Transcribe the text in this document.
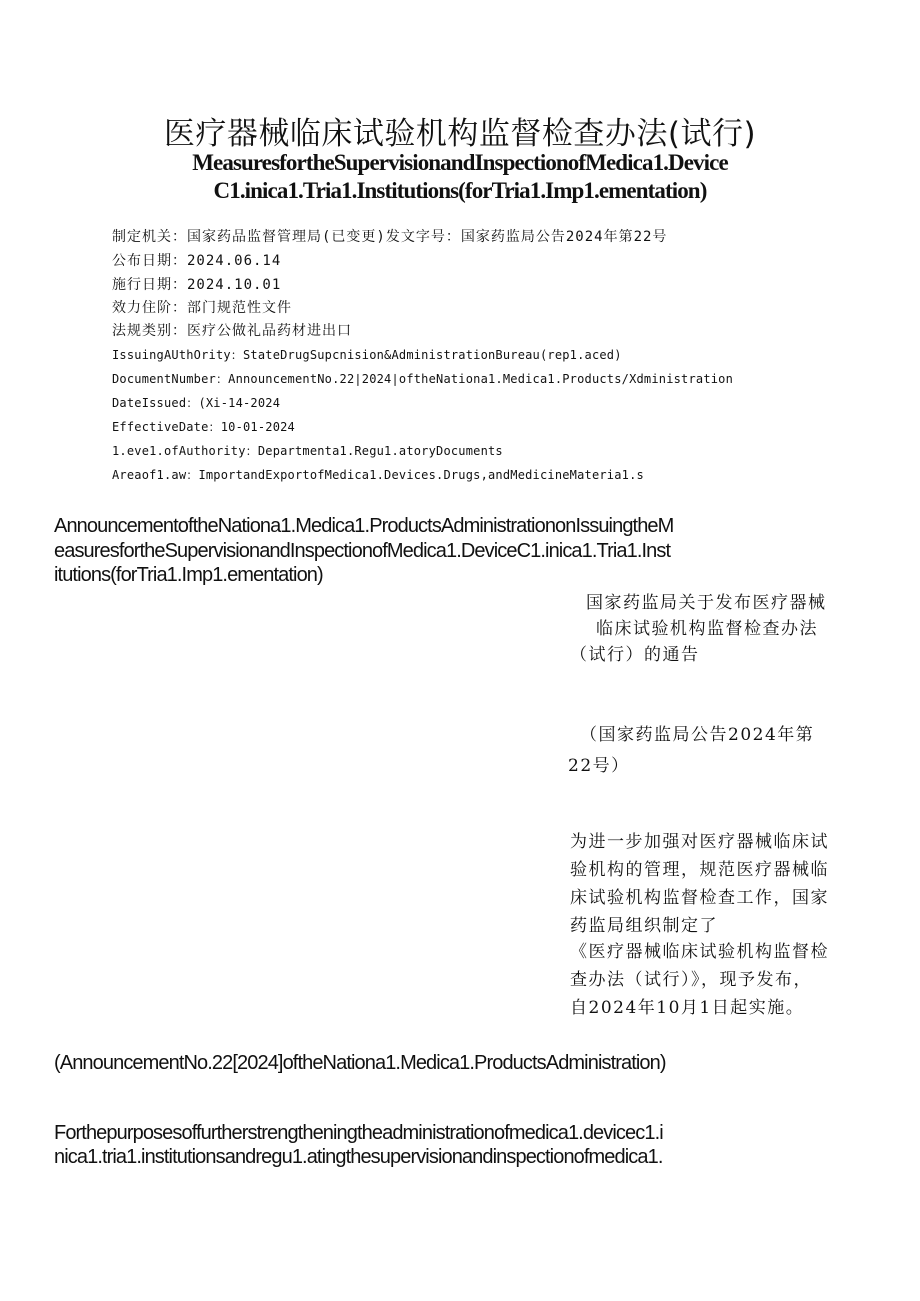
医疗器械临床试验机构监督检查办法(试行)
MeasuresfortheSupervisionandInspectionofMedica1.Device
C1.inica1.Tria1.Institutions(forTria1.Imp1.ementation)
制定机关：国家药品监督管理局(已变更)发文字号：国家药监局公告2024年第22号
公布日期：2024.06.14
施行日期：2024.10.01
效力住阶：部门规范性文件
法规类别：医疗公做礼品药材进出口
IssuingAUthOrity：StateDrugSupcnision&AdministrationBureau(rep1.aced)
DocumentNumber：AnnouncementNo.22∣2024∣oftheNationa1.Medica1.Products/Xdministration
DateIssued：(Xi-14-2024
EffectiveDate：10-01-2024
1.eve1.ofAuthority：Departmenta1.Regu1.atoryDocuments
Areaof1.aw：ImportandExportofMedica1.Devices.Drugs,andMedicineMateria1.s
AnnouncementoftheNationa1.Medica1.ProductsAdministrationonIssuingtheM
easuresfortheSupervisionandInspectionofMedica1.DeviceC1.inica1.Tria1.Inst
itutions(forTria1.Imp1.ementation)
国家药监局关于发布医疗器械
临床试验机构监督检查办法
（试行）的通告
（国家药监局公告2024年第
22号）
为进一步加强对医疗器械临床试
验机构的管理，规范医疗器械临
床试验机构监督检查工作，国家
药监局组织制定了
《医疗器械临床试验机构监督检
查办法（试行）》，现予发布，
自2024年10月1日起实施。
(AnnouncementNo.22[2024]oftheNationa1.Medica1.ProductsAdministration)
Forthepurposesoffurtherstrengtheningtheadministrationofmedica1.devicec1.i
nica1.tria1.institutionsandregu1.atingthesupervisionandinspectionofmedica1.
